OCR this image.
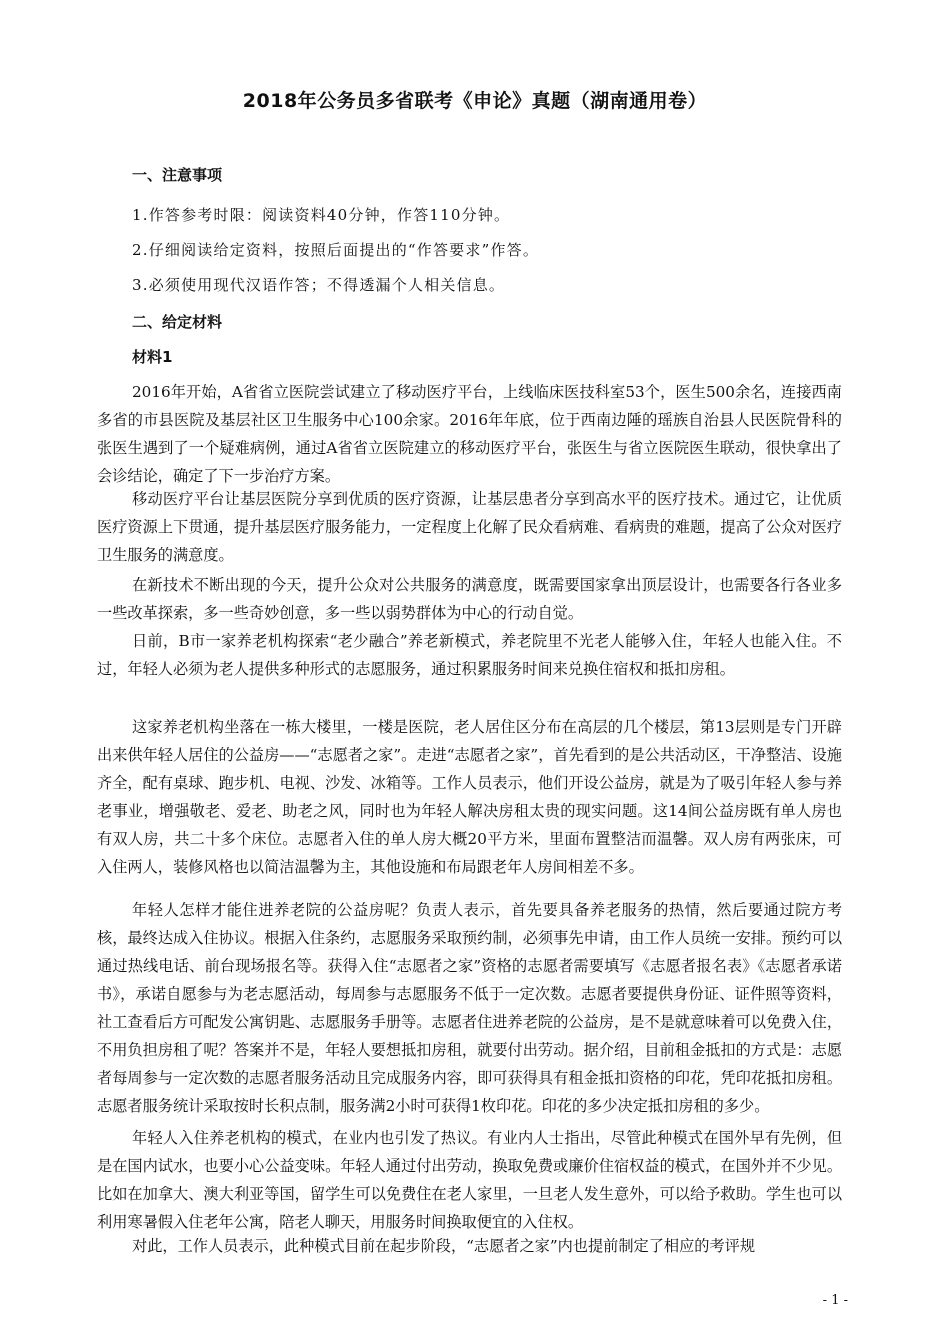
2018年公务员多省联考《申论》真题（湖南通用卷）
一、注意事项
1.作答参考时限：阅读资料40分钟，作答110分钟。
2.仔细阅读给定资料，按照后面提出的“作答要求”作答。
3.必须使用现代汉语作答；不得透漏个人相关信息。
二、给定材料
材料1

2016年开始，A省省立医院尝试建立了移动医疗平台，上线临床医技科室53个，医生500余名，连接西南多省的市县医院及基层社区卫生服务中心100余家。2016年年底，位于西南边陲的瑶族自治县人民医院骨科的张医生遇到了一个疑难病例，通过A省省立医院建立的移动医疗平台，张医生与省立医院医生联动，很快拿出了会诊结论，确定了下一步治疗方案。

移动医疗平台让基层医院分享到优质的医疗资源，让基层患者分享到高水平的医疗技术。通过它，让优质医疗资源上下贯通，提升基层医疗服务能力，一定程度上化解了民众看病难、看病贵的难题，提高了公众对医疗卫生服务的满意度。

在新技术不断出现的今天，提升公众对公共服务的满意度，既需要国家拿出顶层设计，也需要各行各业多一些改革探索，多一些奇妙创意，多一些以弱势群体为中心的行动自觉。

日前，B市一家养老机构探索“老少融合”养老新模式，养老院里不光老人能够入住，年轻人也能入住。不过，年轻人必须为老人提供多种形式的志愿服务，通过积累服务时间来兑换住宿权和抵扣房租。

这家养老机构坐落在一栋大楼里，一楼是医院，老人居住区分布在高层的几个楼层，第13层则是专门开辟出来供年轻人居住的公益房——“志愿者之家”。走进“志愿者之家”，首先看到的是公共活动区，干净整洁、设施齐全，配有桌球、跑步机、电视、沙发、冰箱等。工作人员表示，他们开设公益房，就是为了吸引年轻人参与养老事业，增强敬老、爱老、助老之风，同时也为年轻人解决房租太贵的现实问题。这14间公益房既有单人房也有双人房，共二十多个床位。志愿者入住的单人房大概20平方米，里面布置整洁而温馨。双人房有两张床，可入住两人，装修风格也以简洁温馨为主，其他设施和布局跟老年人房间相差不多。

年轻人怎样才能住进养老院的公益房呢？负责人表示，首先要具备养老服务的热情，然后要通过院方考核，最终达成入住协议。根据入住条约，志愿服务采取预约制，必须事先申请，由工作人员统一安排。预约可以通过热线电话、前台现场报名等。获得入住“志愿者之家”资格的志愿者需要填写《志愿者报名表》《志愿者承诺书》，承诺自愿参与为老志愿活动，每周参与志愿服务不低于一定次数。志愿者要提供身份证、证件照等资料，社工查看后方可配发公寓钥匙、志愿服务手册等。志愿者住进养老院的公益房，是不是就意味着可以免费入住，不用负担房租了呢？答案并不是，年轻人要想抵扣房租，就要付出劳动。据介绍，目前租金抵扣的方式是：志愿者每周参与一定次数的志愿者服务活动且完成服务内容，即可获得具有租金抵扣资格的印花，凭印花抵扣房租。志愿者服务统计采取按时长积点制，服务满2小时可获得1枚印花。印花的多少决定抵扣房租的多少。

年轻人入住养老机构的模式，在业内也引发了热议。有业内人士指出，尽管此种模式在国外早有先例，但是在国内试水，也要小心公益变味。年轻人通过付出劳动，换取免费或廉价住宿权益的模式，在国外并不少见。比如在加拿大、澳大利亚等国，留学生可以免费住在老人家里，一旦老人发生意外，可以给予救助。学生也可以利用寒暑假入住老年公寓，陪老人聊天，用服务时间换取便宜的入住权。

对此，工作人员表示，此种模式目前在起步阶段，“志愿者之家”内也提前制定了相应的考评规

- 1 -
